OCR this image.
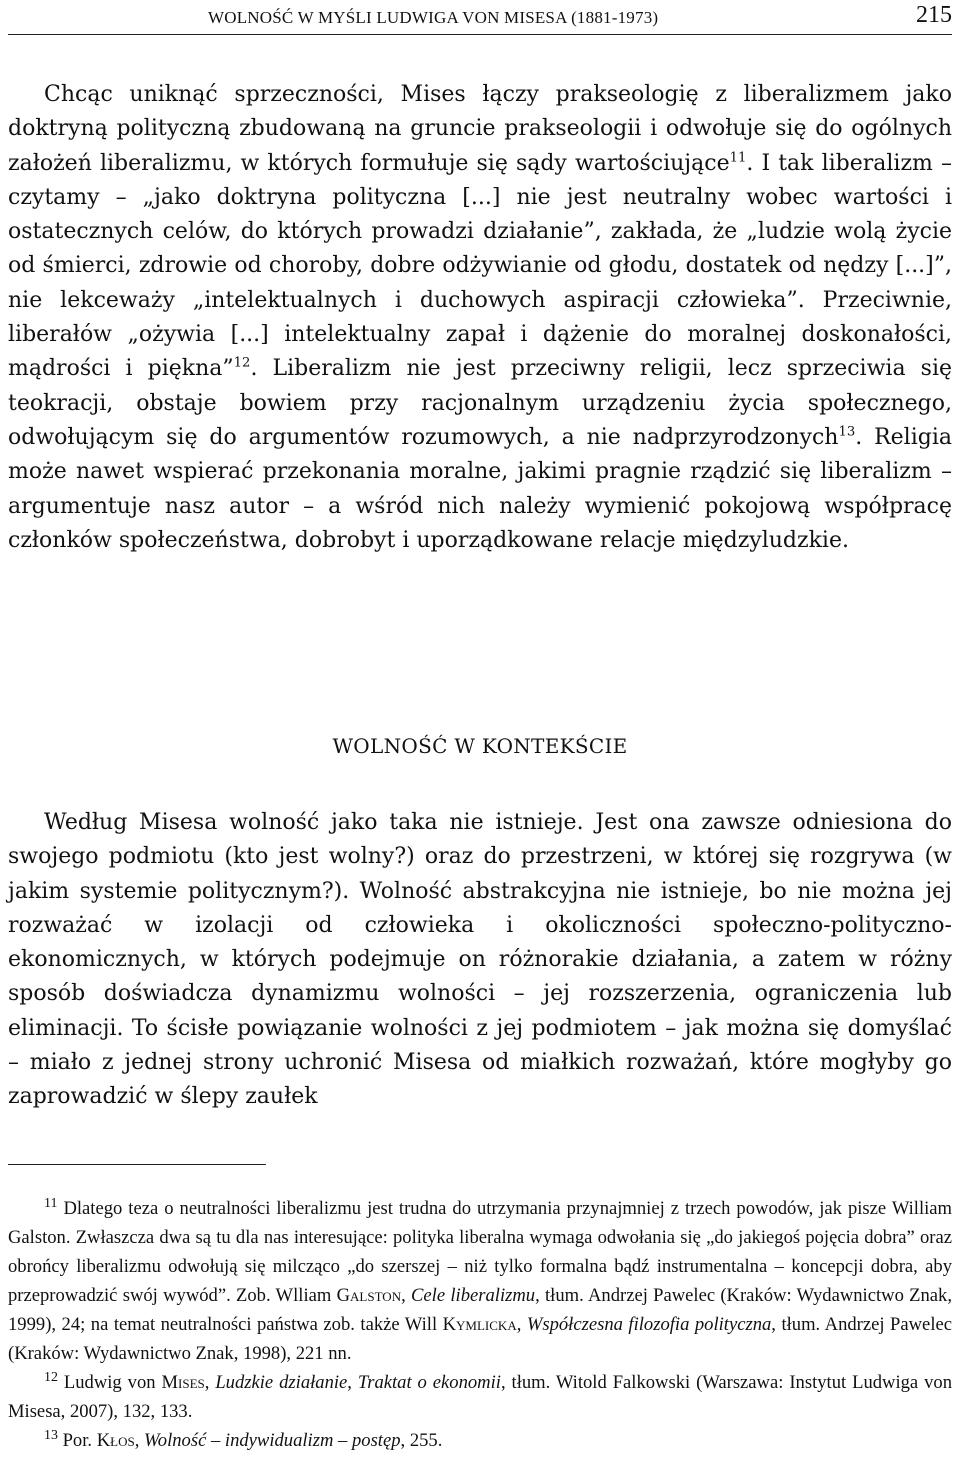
WOLNOŚĆ W MYŚLI LUDWIGA VON MISESA (1881-1973)	215

Chcąc uniknąć sprzeczności, Mises łączy prakseologię z liberalizmem jako doktryną polityczną zbudowaną na gruncie prakseologii i odwołuje się do ogólnych założeń liberalizmu, w których formułuje się sądy wartościujące$^{11}$. I tak liberalizm – czytamy – „jako doktryna polityczna [...] nie jest neutralny wobec wartości i ostatecznych celów, do których prowadzi działanie”, zakłada, że „ludzie wolą życie od śmierci, zdrowie od choroby, dobre odżywianie od głodu, dostatek od nędzy [...]”, nie lekceważy „intelektualnych i duchowych aspiracji człowieka”. Przeciwnie, liberałów „ożywia [...] intelektualny zapał i dążenie do moralnej doskonałości, mądrości i piękna”$^{12}$. Liberalizm nie jest przeciwny religii, lecz sprzeciwia się teokracji, obstaje bowiem przy racjonalnym urządzeniu życia społecznego, odwołującym się do argumentów rozumowych, a nie nadprzyrodzonych$^{13}$. Religia może nawet wspierać przekonania moralne, jakimi pragnie rządzić się liberalizm – argumentuje nasz autor – a wśród nich należy wymienić pokojową współpracę członków społeczeństwa, dobrobyt i uporządkowane relacje międzyludzkie.

WOLNOŚĆ W KONTEKŚCIE

Według Misesa wolność jako taka nie istnieje. Jest ona zawsze odniesiona do swojego podmiotu (kto jest wolny?) oraz do przestrzeni, w której się rozgrywa (w jakim systemie politycznym?). Wolność abstrakcyjna nie istnieje, bo nie można jej rozważać w izolacji od człowieka i okoliczności społeczno-polityczno-ekonomicznych, w których podejmuje on różnorakie działania, a zatem w różny sposób doświadcza dynamizmu wolności – jej rozszerzenia, ograniczenia lub eliminacji. To ścisłe powiązanie wolności z jej podmiotem – jak można się domyślać – miało z jednej strony uchronić Misesa od miałkich rozważań, które mogłyby go zaprowadzić w ślepy zaułek

$^{11}$ Dlatego teza o neutralności liberalizmu jest trudna do utrzymania przynajmniej z trzech powodów, jak pisze William Galston. Zwłaszcza dwa są tu dla nas interesujące: polityka liberalna wymaga odwołania się „do jakiegoś pojęcia dobra” oraz obrońcy liberalizmu odwołują się milcząco „do szerszej – niż tylko formalna bądź instrumentalna – koncepcji dobra, aby przeprowadzić swój wywód”. Zob. Wlliam Galston, Cele liberalizmu, tłum. Andrzej Pawelec (Kraków: Wydawnictwo Znak, 1999), 24; na temat neutralności państwa zob. także Will Kymlicka, Współczesna filozofia polityczna, tłum. Andrzej Pawelec (Kraków: Wydawnictwo Znak, 1998), 221 nn.

$^{12}$ Ludwig von Mises, Ludzkie działanie, Traktat o ekonomii, tłum. Witold Falkowski (Warszawa: Instytut Ludwiga von Misesa, 2007), 132, 133.

$^{13}$ Por. Kłos, Wolność – indywidualizm – postęp, 255.
